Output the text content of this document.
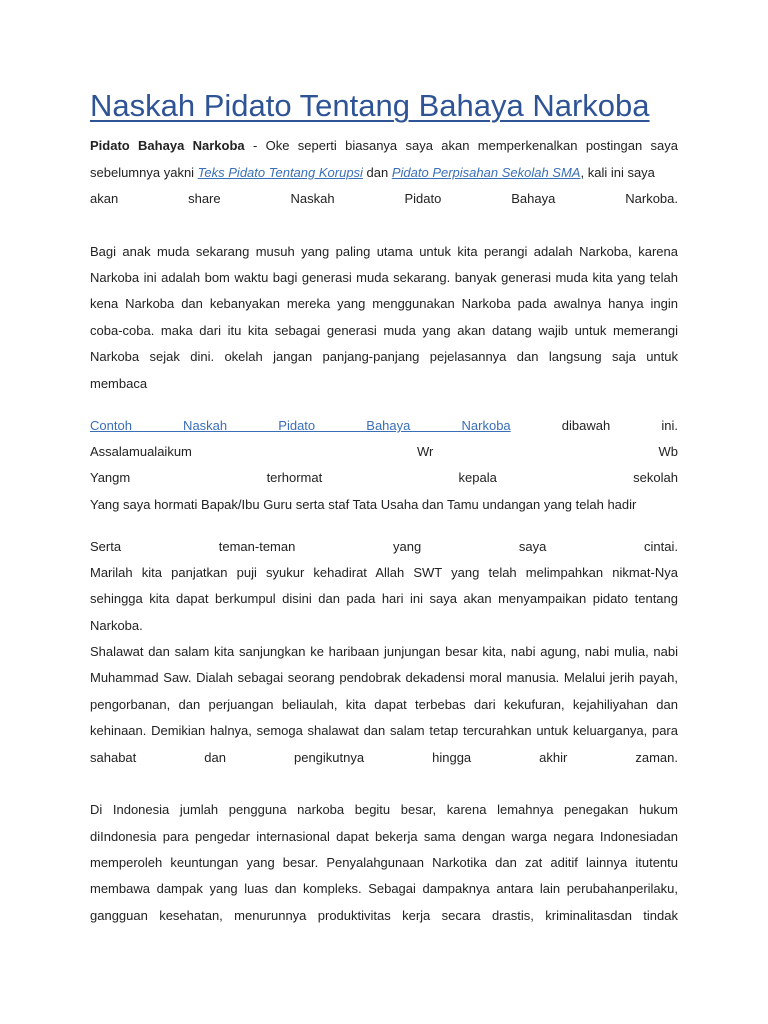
Naskah Pidato Tentang Bahaya Narkoba
Pidato Bahaya Narkoba - Oke seperti biasanya saya akan memperkenalkan postingan saya
sebelumnya yakni Teks Pidato Tentang Korupsi dan Pidato Perpisahan Sekolah SMA, kali ini saya
akan share Naskah Pidato Bahaya Narkoba.
Bagi anak muda sekarang musuh yang paling utama untuk kita perangi adalah Narkoba, karena
Narkoba ini adalah bom waktu bagi generasi muda sekarang. banyak generasi muda kita yang telah
kena Narkoba dan kebanyakan mereka yang menggunakan Narkoba pada awalnya hanya ingin
coba-coba. maka dari itu kita sebagai generasi muda yang akan datang wajib untuk memerangi
Narkoba sejak dini. okelah jangan panjang-panjang pejelasannya dan langsung saja untuk
membaca
Contoh Naskah Pidato Bahaya Narkoba dibawah ini.
Assalamualaikum Wr Wb
Yangm terhormat kepala sekolah
Yang saya hormati Bapak/Ibu Guru serta staf Tata Usaha dan Tamu undangan yang telah hadir
Serta teman-teman yang saya cintai.
Marilah kita panjatkan puji syukur kehadirat Allah SWT yang telah melimpahkan nikmat-Nya
sehingga kita dapat berkumpul disini dan pada hari ini saya akan menyampaikan pidato tentang
Narkoba.
Shalawat dan salam kita sanjungkan ke haribaan junjungan besar kita, nabi agung, nabi mulia, nabi
Muhammad Saw. Dialah sebagai seorang pendobrak dekadensi moral manusia. Melalui jerih payah,
pengorbanan, dan perjuangan beliaulah, kita dapat terbebas dari kekufuran, kejahiliyahan dan
kehinaan. Demikian halnya, semoga shalawat dan salam tetap tercurahkan untuk keluarganya, para
sahabat dan pengikutnya hingga akhir zaman.
Di Indonesia jumlah pengguna narkoba begitu besar, karena lemahnya penegakan hukum
diIndonesia para pengedar internasional dapat bekerja sama dengan warga negara Indonesiadan
memperoleh keuntungan yang besar. Penyalahgunaan Narkotika dan zat aditif lainnya itutentu
membawa dampak yang luas dan kompleks. Sebagai dampaknya antara lain perubahanperilaku,
gangguan kesehatan, menurunnya produktivitas kerja secara drastis, kriminalitasdan tindak
